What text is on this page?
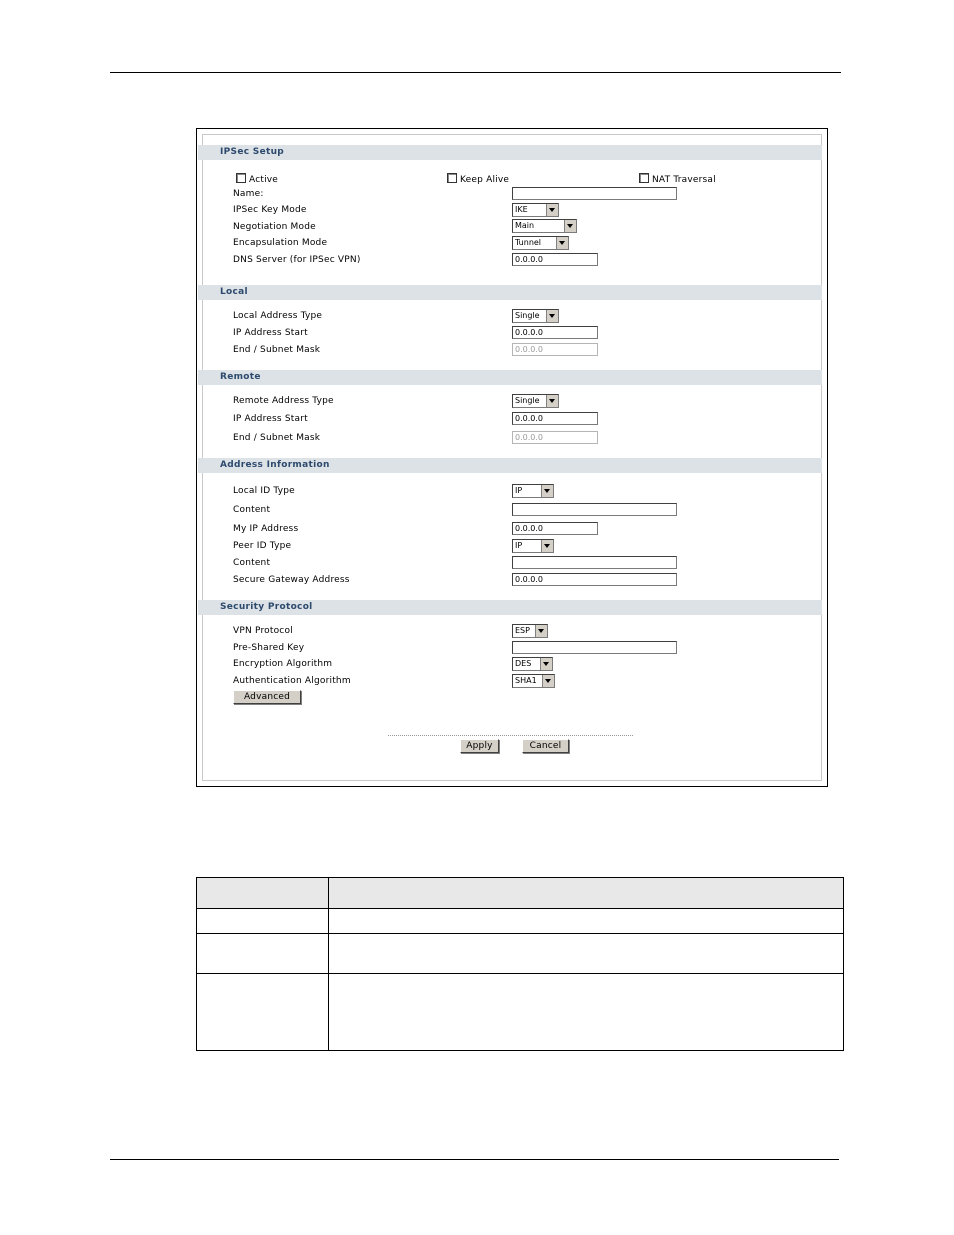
IPSec Setup
Active	Keep Alive	NAT Traversal
Name:
IPSec Key Mode	IKE
Negotiation Mode	Main
Encapsulation Mode	Tunnel
DNS Server (for IPSec VPN)	0.0.0.0
Local
Local Address Type	Single
IP Address Start	0.0.0.0
End / Subnet Mask	0.0.0.0
Remote
Remote Address Type	Single
IP Address Start	0.0.0.0
End / Subnet Mask	0.0.0.0
Address Information
Local ID Type	IP
Content
My IP Address	0.0.0.0
Peer ID Type	IP
Content
Secure Gateway Address	0.0.0.0
Security Protocol
VPN Protocol	ESP
Pre-Shared Key
Encryption Algorithm	DES
Authentication Algorithm	SHA1
Advanced
Apply	Cancel
